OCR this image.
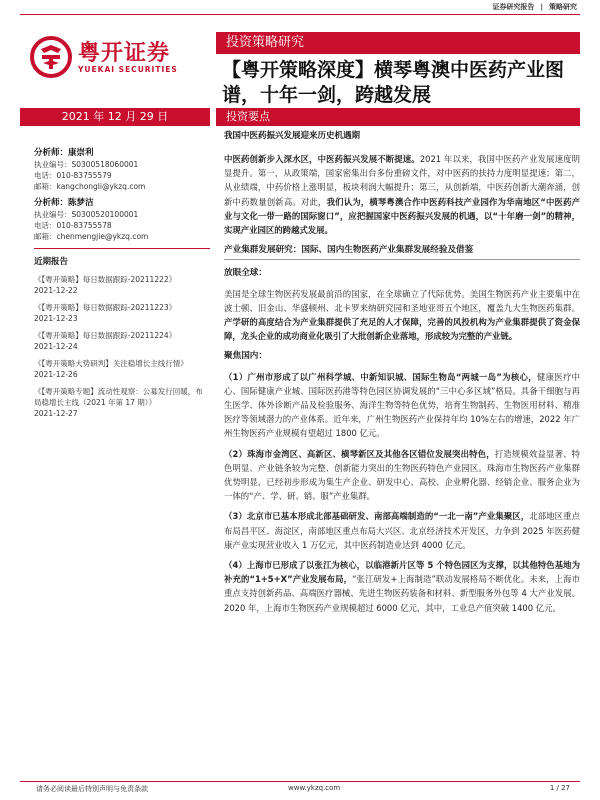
证券研究报告 | 策略研究
粤开证券
YUEKAI SECURITIES
投资策略研究
【粤开策略深度】横琴粤澳中医药产业图谱，十年一剑，跨越发展
2021 年 12 月 29 日	投资要点
我国中医药振兴发展迎来历史机遇期
分析师：康崇利
执业编号：S0300518060001
电话：010-83755579
邮箱：kangchongli@ykzq.com
分析师：陈梦洁
执业编号：S0300520100001
电话：010-83755578
邮箱：chenmengjie@ykzq.com
近期报告
《【粤开策略】每日数据跟踪-20211222》
2021-12-22
《【粤开策略】每日数据跟踪-20211223》
2021-12-23
《【粤开策略】每日数据跟踪-20211224》
2021-12-24
《【粤开策略大势研判】关注稳增长主线行情》
2021-12-26
《【粤开策略专题】流动性观察：公募发行回暖，布局稳增长主线（2021 年第 17 期）》
2021-12-27

中医药创新步入深水区，中医药振兴发展不断提速。2021 年以来，我国中医药产业发展速度明显提升。第一，从政策端，国家密集出台多份重磅文件，对中医药的扶持力度明显提速；第二，从业绩端，中药价格上涨明显，板块利润大幅提升；第三，从创新端，中医药创新大潮奔涌，创新中药数量创新高。对此，我们认为，横琴粤澳合作中医药科技产业园作为华南地区“中医药产业与文化一带一路的国际窗口”，应把握国家中医药振兴发展的机遇，以“十年磨一剑”的精神，实现产业园区的跨越式发展。

产业集群发展研究：国际、国内生物医药产业集群发展经验及借鉴
放眼全球：

美国是全球生物医药发展最前沿的国家，在全球确立了代际优势。美国生物医药产业主要集中在波士顿、旧金山、华盛顿州、北卡罗来纳研究园和圣地亚哥五个地区，覆盖九大生物医药集群。产学研的高度结合为产业集群提供了充足的人才保障，完善的风投机构为产业集群提供了资金保障，龙头企业的成功商业化吸引了大批创新企业落地，形成较为完整的产业链。

聚焦国内：

（1）广州市形成了以广州科学城、中新知识城、国际生物岛“两城一岛”为核心，健康医疗中心、国际健康产业城、国际医药港等特色园区协调发展的“三中心多区域”格局。具备干细胞与再生医学、体外诊断产品及检验服务、海洋生物等特色优势，培育生物制药、生物医用材料、精准医疗等领域潜力的产业体系。近年来，广州生物医药产业保持年均 10%左右的增速，2022 年广州生物医药产业规模有望超过 1800 亿元。

（2）珠海市金湾区、高新区、横琴新区及其他各区错位发展突出特色，打造规模效益显著、特色明显、产业链条较为完整、创新能力突出的生物医药特色产业园区。珠海市生物医药产业集群优势明显，已经初步形成为集生产企业、研发中心、高校、企业孵化器、经销企业、服务企业为一体的“产、学、研、销、服”产业集群。

（3）北京市已基本形成北部基础研发、南部高端制造的“一北一南”产业集聚区，北部地区重点布局昌平区、海淀区，南部地区重点布局大兴区、北京经济技术开发区，力争到 2025 年医药健康产业实现营业收入 1 万亿元，其中医药制造业达到 4000 亿元。

（4）上海市已形成了以张江为核心，以临港新片区等 5 个特色园区为支撑，以其他特色基地为补充的“1+5+X”产业发展布局，“张江研发+上海制造”联动发展格局不断优化。未来，上海市重点支持创新药品、高端医疗器械、先进生物医药装备和材料、新型服务外包等 4 大产业发展。2020 年，上海市生物医药产业规模超过 6000 亿元，其中，工业总产值突破 1400 亿元。

请务必阅读最后特别声明与免责条款	www.ykzq.com	1 / 27
